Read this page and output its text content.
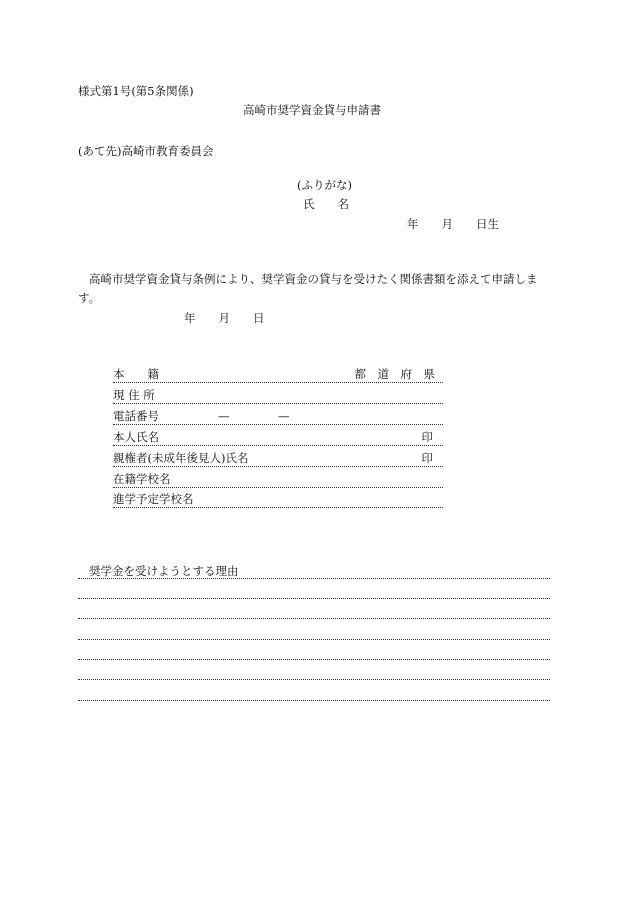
様式第1号(第5条関係)
高崎市奨学資金貸与申請書
(あて先)高崎市教育委員会
(ふりがな)
氏　　名
年　　月　　日生
高崎市奨学資金貸与条例により、奨学資金の貸与を受けたく関係書類を添えて申請しま
す。
年　　月　　日
本　　籍	都　道　府　県
現 住 所
電話番号	—	—
本人氏名	印
親権者(未成年後見人)氏名	印
在籍学校名
進学予定学校名
奨学金を受けようとする理由
